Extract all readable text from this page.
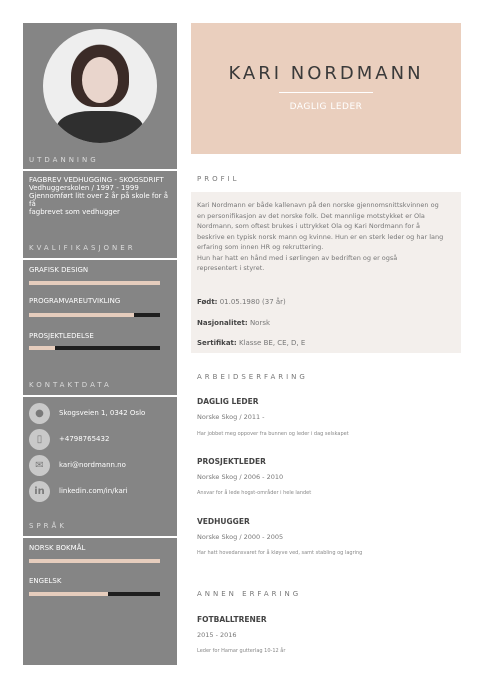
UTDANNING
FAGBREV VEDHUGGING - SKOGSDRIFT
Vedhuggerskolen / 1997 - 1999
Gjennomført litt over 2 år på skole for å få
fagbrevet som vedhugger
KVALIFIKASJONER
GRAFISK DESIGN
PROGRAMVAREUTVIKLING
PROSJEKTLEDELSE
KONTAKTDATA
●	Skogsveien 1, 0342 Oslo
▯	+4798765432
✉	kari@nordmann.no
in	linkedin.com/in/kari
SPRÅK
NORSK BOKMÅL
ENGELSK
KARI NORDMANN
DAGLIG LEDER
PROFIL
Kari Nordmann er både kallenavn på den norske gjennomsnittskvinnen og
en personifikasjon av det norske folk. Det mannlige motstykket er Ola
Nordmann, som oftest brukes i uttrykket Ola og Kari Nordmann for å
beskrive en typisk norsk mann og kvinne. Hun er en sterk leder og har lang
erfaring som innen HR og rekruttering.
Hun har hatt en hånd med i sørlingen av bedriften og er også
representert i styret.
Født: 01.05.1980 (37 år)
Nasjonalitet: Norsk
Sertifikat: Klasse BE, CE, D, E
ARBEIDSERFARING
DAGLIG LEDER
Norske Skog / 2011 -
Har jobbet meg oppover fra bunnen og leder i dag selskapet
PROSJEKTLEDER
Norske Skog / 2006 - 2010
Ansvar for å lede hogst-områder i hele landet
VEDHUGGER
Norske Skog / 2000 - 2005
Har hatt hovedansvaret for å kløyve ved, samt stabling og lagring
ANNEN ERFARING
FOTBALLTRENER
2015 - 2016
Leder for Hamar gutterlag 10-12 år
